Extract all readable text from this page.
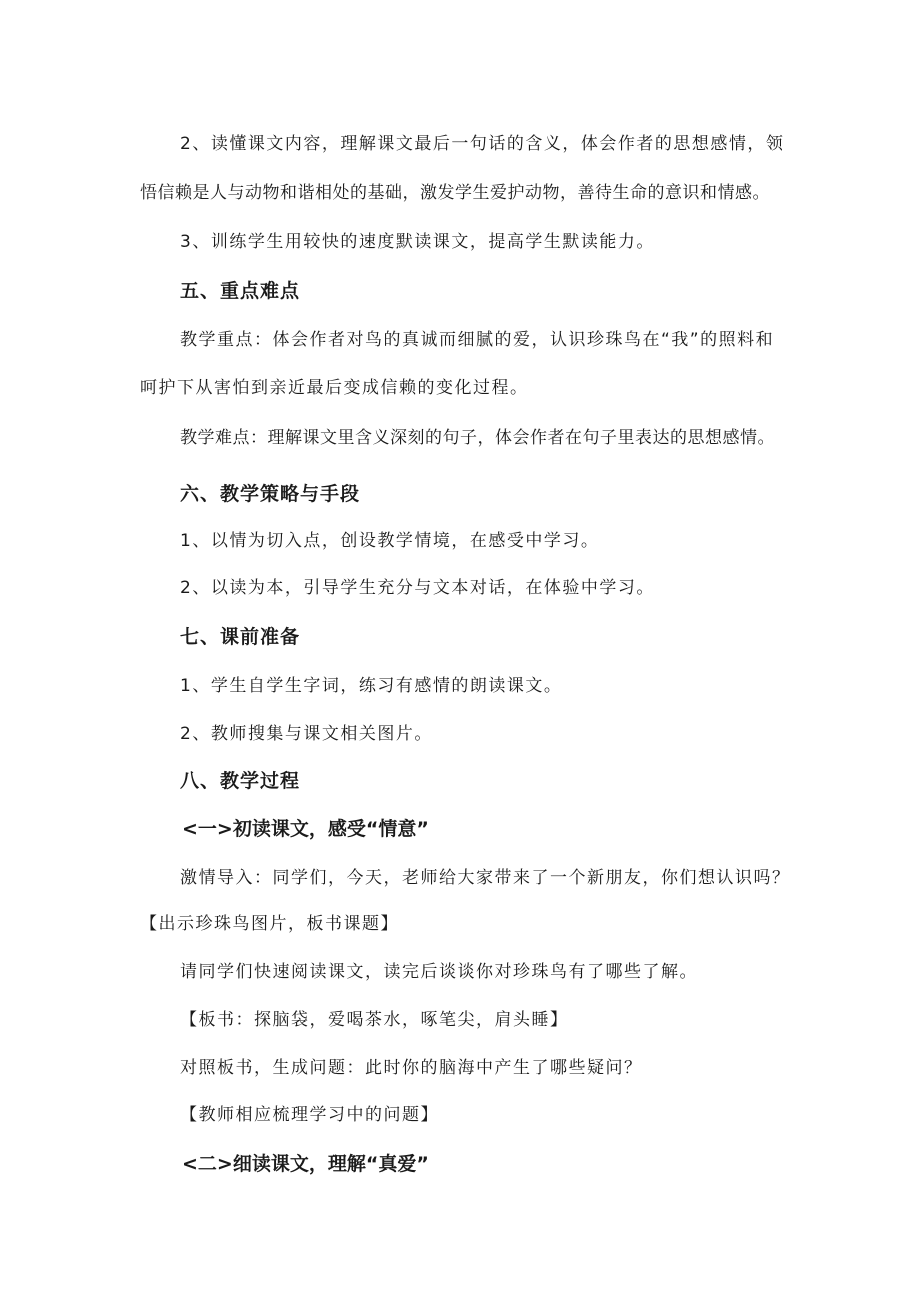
2、读懂课文内容，理解课文最后一句话的含义，体会作者的思想感情，领
悟信赖是人与动物和谐相处的基础，激发学生爱护动物，善待生命的意识和情感。
3、训练学生用较快的速度默读课文，提高学生默读能力。
五、重点难点
教学重点：体会作者对鸟的真诚而细腻的爱，认识珍珠鸟在“我”的照料和
呵护下从害怕到亲近最后变成信赖的变化过程。
教学难点：理解课文里含义深刻的句子，体会作者在句子里表达的思想感情。
六、教学策略与手段
1、以情为切入点，创设教学情境，在感受中学习。
2、以读为本，引导学生充分与文本对话，在体验中学习。
七、课前准备
1、学生自学生字词，练习有感情的朗读课文。
2、教师搜集与课文相关图片。
八、教学过程
<一>初读课文，感受“情意”
激情导入：同学们，今天，老师给大家带来了一个新朋友，你们想认识吗？
【出示珍珠鸟图片，板书课题】
请同学们快速阅读课文，读完后谈谈你对珍珠鸟有了哪些了解。
【板书：探脑袋，爱喝茶水，啄笔尖，肩头睡】
对照板书，生成问题：此时你的脑海中产生了哪些疑问？
【教师相应梳理学习中的问题】
<二>细读课文，理解“真爱”
